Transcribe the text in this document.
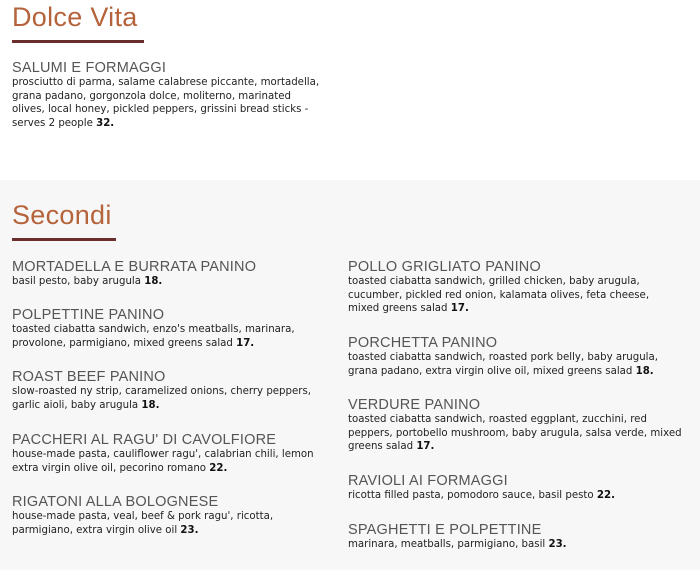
Dolce Vita

SALUMI E FORMAGGI

prosciutto di parma, salame calabrese piccante, mortadella, grana padano, gorgonzola dolce, moliterno, marinated olives, local honey, pickled peppers, grissini bread sticks - serves 2 people 32.

Secondi

MORTADELLA E BURRATA PANINO

basil pesto, baby arugula 18.

POLPETTINE PANINO

toasted ciabatta sandwich, enzo's meatballs, marinara, provolone, parmigiano, mixed greens salad 17.

ROAST BEEF PANINO

slow-roasted ny strip, caramelized onions, cherry peppers, garlic aioli, baby arugula 18.

PACCHERI AL RAGU' DI CAVOLFIORE

house-made pasta, cauliflower ragu', calabrian chili, lemon extra virgin olive oil, pecorino romano 22.

RIGATONI ALLA BOLOGNESE

house-made pasta, veal, beef & pork ragu', ricotta, parmigiano, extra virgin olive oil 23.

POLLO GRIGLIATO PANINO

toasted ciabatta sandwich, grilled chicken, baby arugula, cucumber, pickled red onion, kalamata olives, feta cheese, mixed greens salad 17.

PORCHETTA PANINO

toasted ciabatta sandwich, roasted pork belly, baby arugula, grana padano, extra virgin olive oil, mixed greens salad 18.

VERDURE PANINO

toasted ciabatta sandwich, roasted eggplant, zucchini, red peppers, portobello mushroom, baby arugula, salsa verde, mixed greens salad 17.

RAVIOLI AI FORMAGGI

ricotta filled pasta, pomodoro sauce, basil pesto 22.

SPAGHETTI E POLPETTINE

marinara, meatballs, parmigiano, basil 23.
